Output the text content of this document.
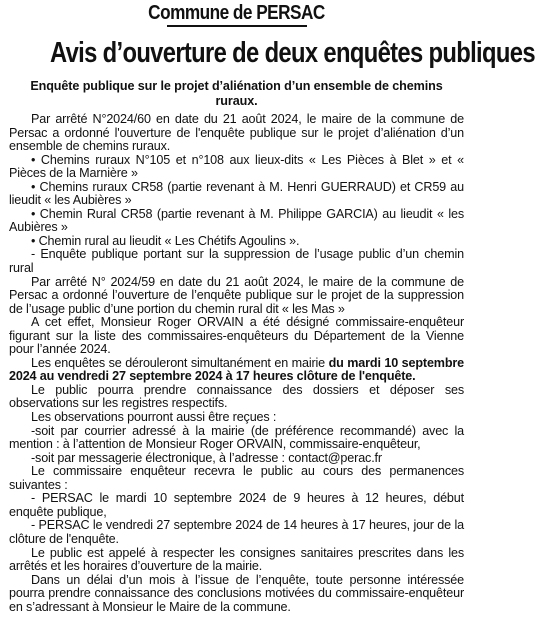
Commune de PERSAC
Avis d’ouverture de deux enquêtes publiques
Enquête publique sur le projet d’aliénation d’un ensemble de chemins ruraux.

Par arrêté N°2024/60 en date du 21 août 2024, le maire de la commune de Persac a ordonné l'ouverture de l'enquête publique sur le projet d’aliénation d’un ensemble de chemins ruraux.

• Chemins ruraux N°105 et n°108 aux lieux-dits « Les Pièces à Blet » et « Pièces de la Marnière »

• Chemins ruraux CR58 (partie revenant à M. Henri GUERRAUD) et CR59 au lieudit « les Aubières »

• Chemin Rural CR58 (partie revenant à M. Philippe GARCIA) au lieudit « les Aubières »

• Chemin rural au lieudit « Les Chétifs Agoulins ».

- Enquête publique portant sur la suppression de l’usage public d’un chemin rural

Par arrêté N° 2024/59 en date du 21 août 2024, le maire de la commune de Persac a ordonné l’ouverture de l’enquête publique sur le projet de la suppression de l’usage public d’une portion du chemin rural dit « les Mas »

A cet effet, Monsieur Roger ORVAIN a été désigné commissaire-enquêteur figurant sur la liste des commissaires-enquêteurs du Département de la Vienne pour l’année 2024.

Les enquêtes se dérouleront simultanément en mairie du mardi 10 septembre 2024 au vendredi 27 septembre 2024 à 17 heures clôture de l'enquête.

Le public pourra prendre connaissance des dossiers et déposer ses observations sur les registres respectifs.

Les observations pourront aussi être reçues :

-soit par courrier adressé à la mairie (de préférence recommandé) avec la mention : à l’attention de Monsieur Roger ORVAIN, commissaire-enquêteur,

-soit par messagerie électronique, à l’adresse : contact@perac.fr

Le commissaire enquêteur recevra le public au cours des permanences suivantes :

- PERSAC le mardi 10 septembre 2024 de 9 heures à 12 heures, début enquête publique,

- PERSAC le vendredi 27 septembre 2024 de 14 heures à 17 heures, jour de la clôture de l'enquête.

Le public est appelé à respecter les consignes sanitaires prescrites dans les arrêtés et les horaires d’ouverture de la mairie.

Dans un délai d’un mois à l’issue de l’enquête, toute personne intéressée pourra prendre connaissance des conclusions motivées du commissaire-enquêteur en s’adressant à Monsieur le Maire de la commune.
